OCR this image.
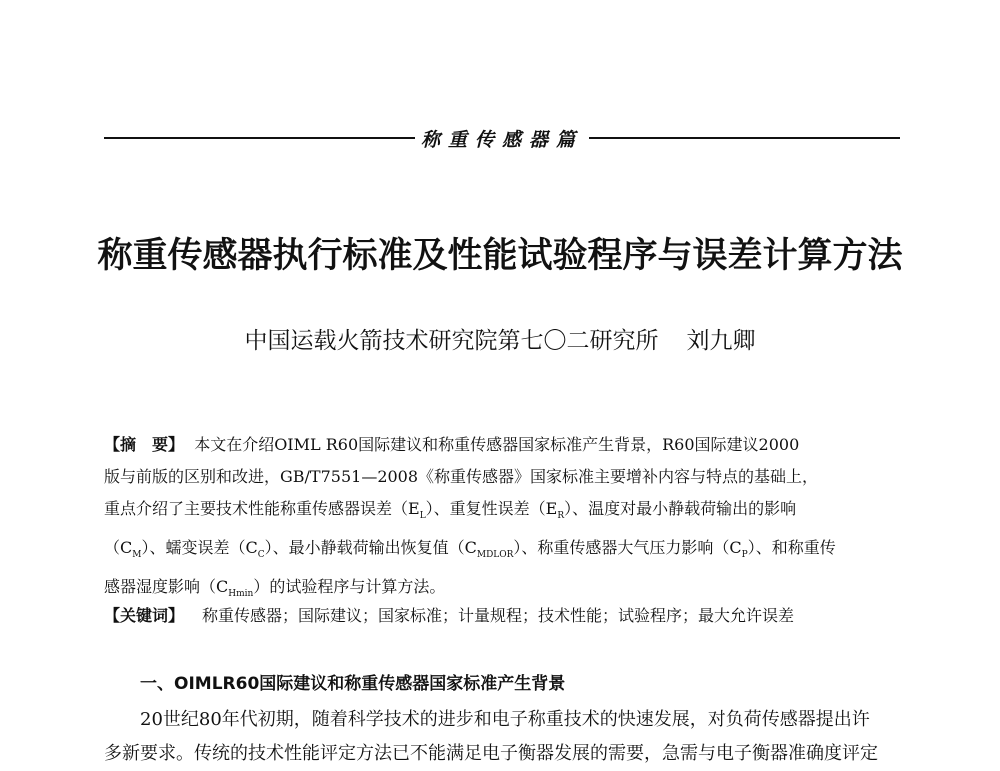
称重传感器篇
称重传感器执行标准及性能试验程序与误差计算方法
中国运载火箭技术研究院第七〇二研究所 刘九卿
【摘　要】 本文在介绍OIML R60国际建议和称重传感器国家标准产生背景，R60国际建议2000
版与前版的区别和改进，GB/T7551—2008《称重传感器》国家标准主要增补内容与特点的基础上，
重点介绍了主要技术性能称重传感器误差$(E_L)$、重复性误差$(E_R)$、温度对最小静载荷输出的影响
$(C_M)$、蠕变误差$(C_C)$、最小静载荷输出恢复值$(C_{MDLOR})$、称重传感器大气压力影响$(C_P)$、和称重传
感器湿度影响$(C_{Hmin})$的试验程序与计算方法。
【关键词】 称重传感器；国际建议；国家标准；计量规程；技术性能；试验程序；最大允许误差
一、OIMLR60国际建议和称重传感器国家标准产生背景
20世纪80年代初期，随着科学技术的进步和电子称重技术的快速发展，对负荷传感器提出许
多新要求。传统的技术性能评定方法已不能满足电子衡器发展的需要，急需与电子衡器准确度评定
